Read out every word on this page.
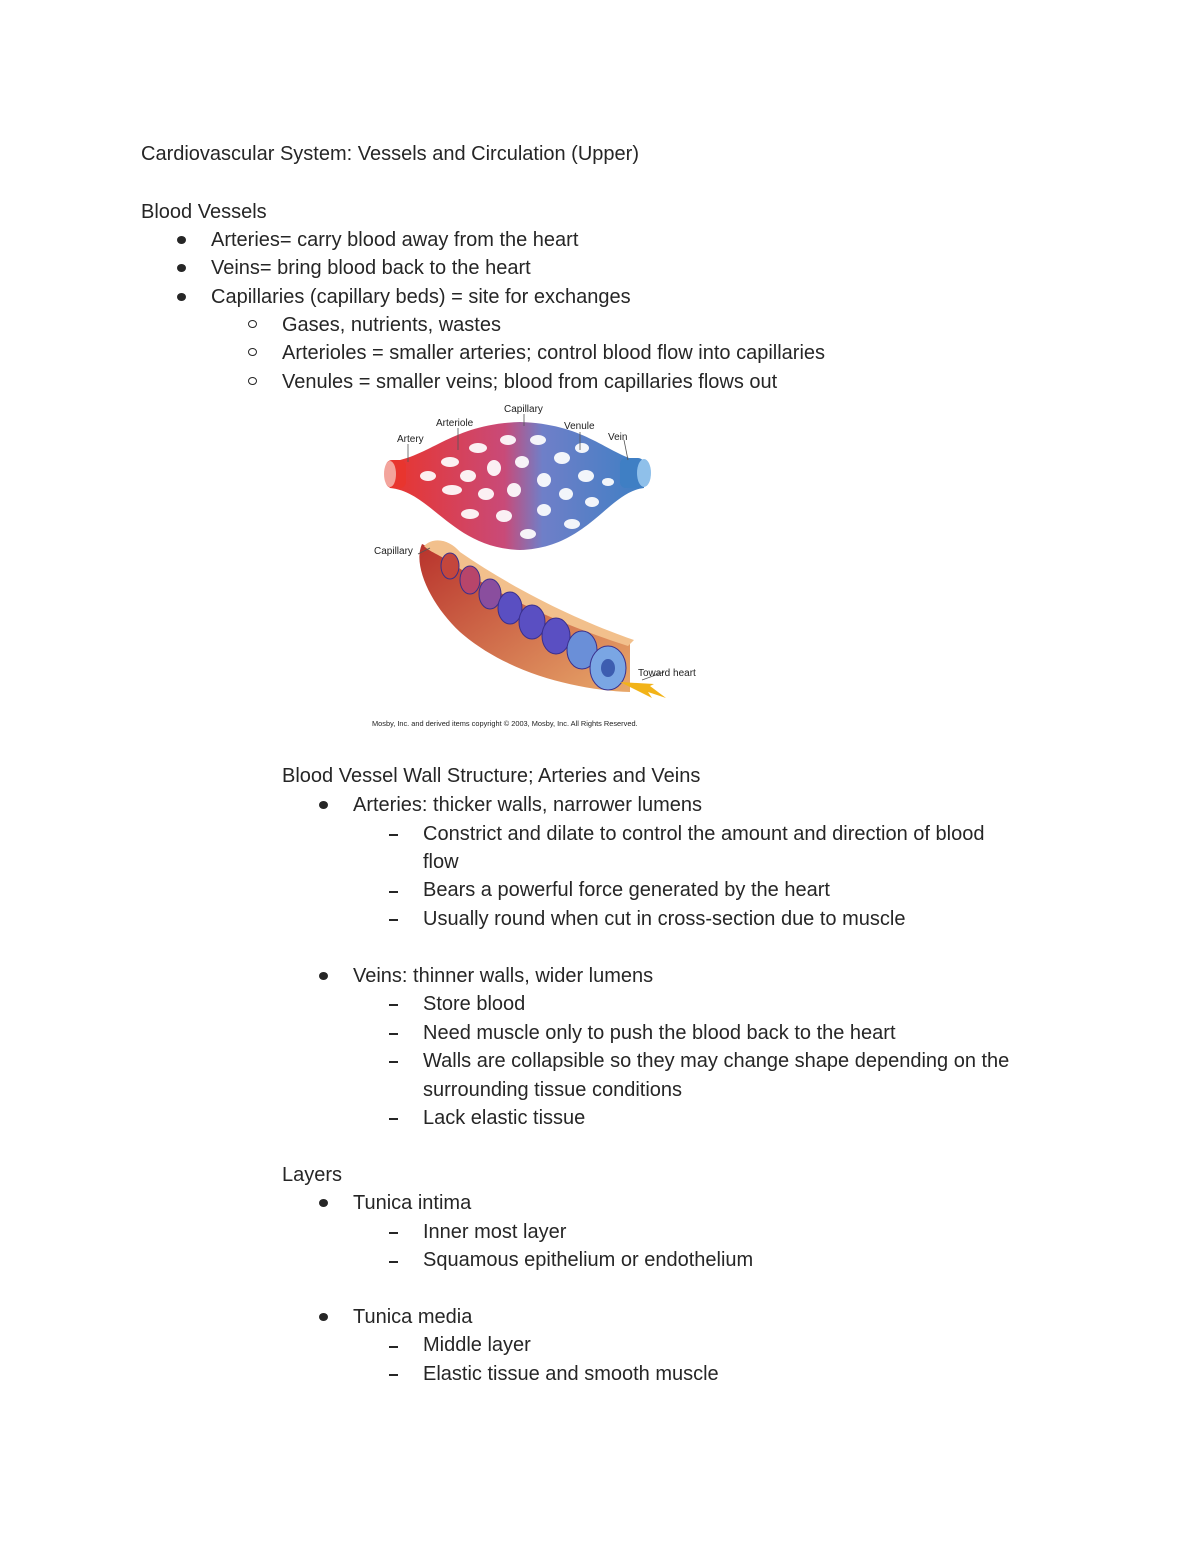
Cardiovascular System: Vessels and Circulation (Upper)
Blood Vessels
Arteries= carry blood away from the heart
Veins= bring blood back to the heart
Capillaries (capillary beds) = site for exchanges
Gases, nutrients, wastes
Arterioles = smaller arteries; control blood flow into capillaries
Venules = smaller veins; blood from capillaries flows out
Artery
Arteriole
Capillary
Venule
Vein
Capillary
Toward heart
Mosby, Inc. and derived items copyright © 2003, Mosby, Inc. All Rights Reserved.
Blood Vessel Wall Structure; Arteries and Veins
Arteries: thicker walls, narrower lumens
Constrict and dilate to control the amount and direction of blood
flow
Bears a powerful force generated by the heart
Usually round when cut in cross-section due to muscle
Veins: thinner walls, wider lumens
Store blood
Need muscle only to push the blood back to the heart
Walls are collapsible so they may change shape depending on the
surrounding tissue conditions
Lack elastic tissue
Layers
Tunica intima
Inner most layer
Squamous epithelium or endothelium
Tunica media
Middle layer
Elastic tissue and smooth muscle
